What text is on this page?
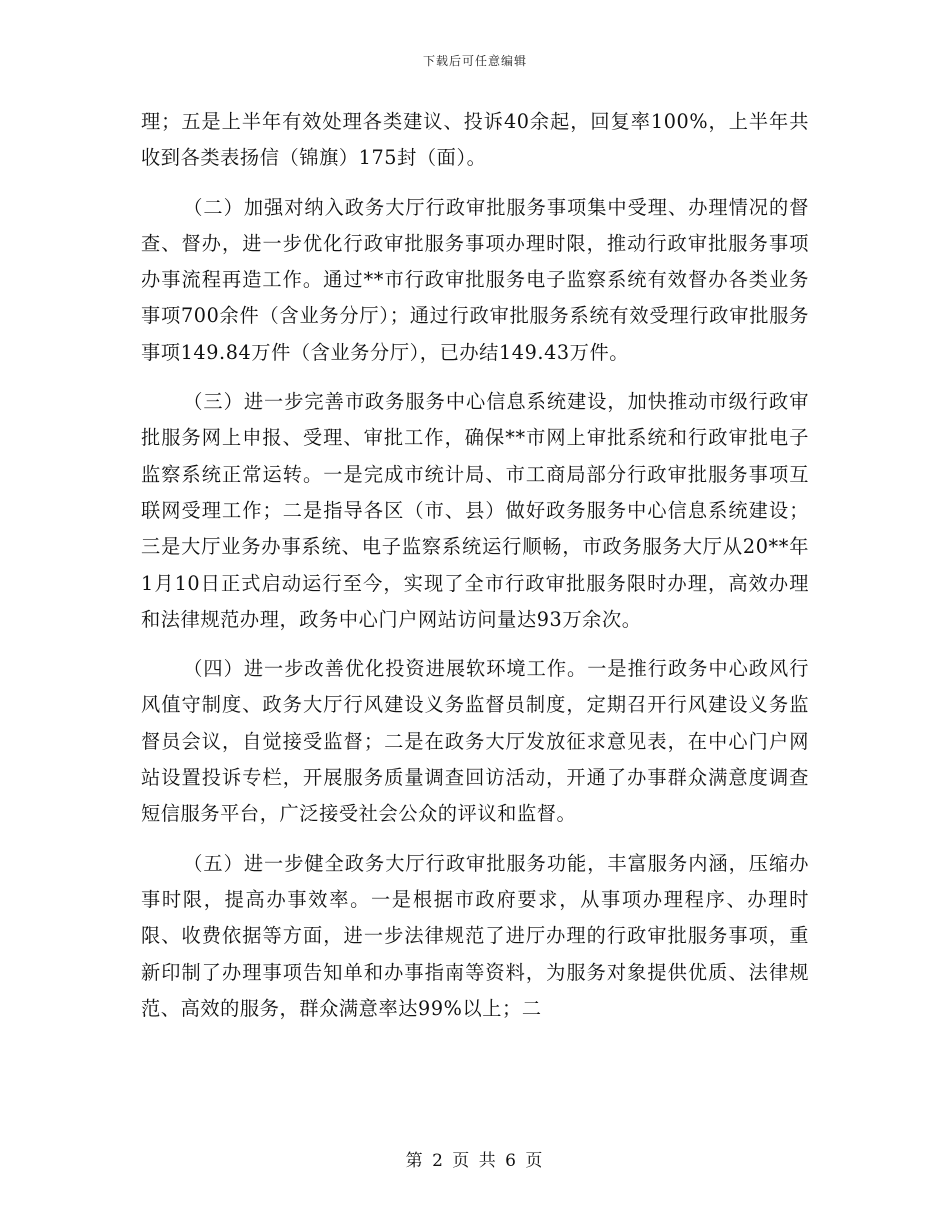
下载后可任意编辑

理；五是上半年有效处理各类建议、投诉40余起，回复率100%，上半年共收到各类表扬信（锦旗）175封（面）。

（二）加强对纳入政务大厅行政审批服务事项集中受理、办理情况的督查、督办，进一步优化行政审批服务事项办理时限，推动行政审批服务事项办事流程再造工作。通过**市行政审批服务电子监察系统有效督办各类业务事项700余件（含业务分厅）；通过行政审批服务系统有效受理行政审批服务事项149.84万件（含业务分厅），已办结149.43万件。

（三）进一步完善市政务服务中心信息系统建设，加快推动市级行政审批服务网上申报、受理、审批工作，确保**市网上审批系统和行政审批电子监察系统正常运转。一是完成市统计局、市工商局部分行政审批服务事项互联网受理工作；二是指导各区（市、县）做好政务服务中心信息系统建设；三是大厅业务办事系统、电子监察系统运行顺畅，市政务服务大厅从20**年1月10日正式启动运行至今，实现了全市行政审批服务限时办理，高效办理和法律规范办理，政务中心门户网站访问量达93万余次。

（四）进一步改善优化投资进展软环境工作。一是推行政务中心政风行风值守制度、政务大厅行风建设义务监督员制度，定期召开行风建设义务监督员会议，自觉接受监督；二是在政务大厅发放征求意见表，在中心门户网站设置投诉专栏，开展服务质量调查回访活动，开通了办事群众满意度调查短信服务平台，广泛接受社会公众的评议和监督。

（五）进一步健全政务大厅行政审批服务功能，丰富服务内涵，压缩办事时限，提高办事效率。一是根据市政府要求，从事项办理程序、办理时限、收费依据等方面，进一步法律规范了进厅办理的行政审批服务事项，重新印制了办理事项告知单和办事指南等资料，为服务对象提供优质、法律规范、高效的服务，群众满意率达99%以上；二

第 2 页 共 6 页
